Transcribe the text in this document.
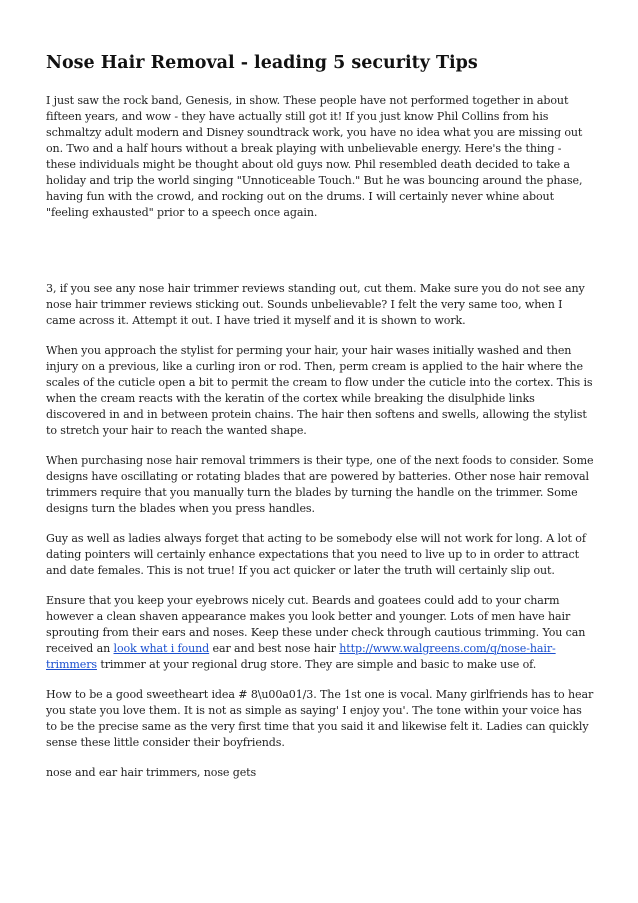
Nose Hair Removal - leading 5 security Tips

I just saw the rock band, Genesis, in show. These people have not performed together in about fifteen years, and wow - they have actually still got it! If you just know Phil Collins from his schmaltzy adult modern and Disney soundtrack work, you have no idea what you are missing out on. Two and a half hours without a break playing with unbelievable energy. Here's the thing - these individuals might be thought about old guys now. Phil resembled death decided to take a holiday and trip the world singing "Unnoticeable Touch." But he was bouncing around the phase, having fun with the crowd, and rocking out on the drums. I will certainly never whine about "feeling exhausted" prior to a speech once again.

3, if you see any nose hair trimmer reviews standing out, cut them. Make sure you do not see any nose hair trimmer reviews sticking out. Sounds unbelievable? I felt the very same too, when I came across it. Attempt it out. I have tried it myself and it is shown to work.

When you approach the stylist for perming your hair, your hair wases initially washed and then injury on a previous, like a curling iron or rod. Then, perm cream is applied to the hair where the scales of the cuticle open a bit to permit the cream to flow under the cuticle into the cortex. This is when the cream reacts with the keratin of the cortex while breaking the disulphide links discovered in and in between protein chains. The hair then softens and swells, allowing the stylist to stretch your hair to reach the wanted shape.

When purchasing nose hair removal trimmers is their type, one of the next foods to consider. Some designs have oscillating or rotating blades that are powered by batteries. Other nose hair removal trimmers require that you manually turn the blades by turning the handle on the trimmer. Some designs turn the blades when you press handles.

Guy as well as ladies always forget that acting to be somebody else will not work for long. A lot of dating pointers will certainly enhance expectations that you need to live up to in order to attract and date females. This is not true! If you act quicker or later the truth will certainly slip out.

Ensure that you keep your eyebrows nicely cut. Beards and goatees could add to your charm however a clean shaven appearance makes you look better and younger. Lots of men have hair sprouting from their ears and noses. Keep these under check through cautious trimming. You can received an look what i found ear and best nose hair http://www.walgreens.com/q/nose-hair-trimmers trimmer at your regional drug store. They are simple and basic to make use of.

How to be a good sweetheart idea # 8\u00a01/3. The 1st one is vocal. Many girlfriends has to hear you state you love them. It is not as simple as saying' I enjoy you'. The tone within your voice has to be the precise same as the very first time that you said it and likewise felt it. Ladies can quickly sense these little consider their boyfriends.

nose and ear hair trimmers, nose gets
